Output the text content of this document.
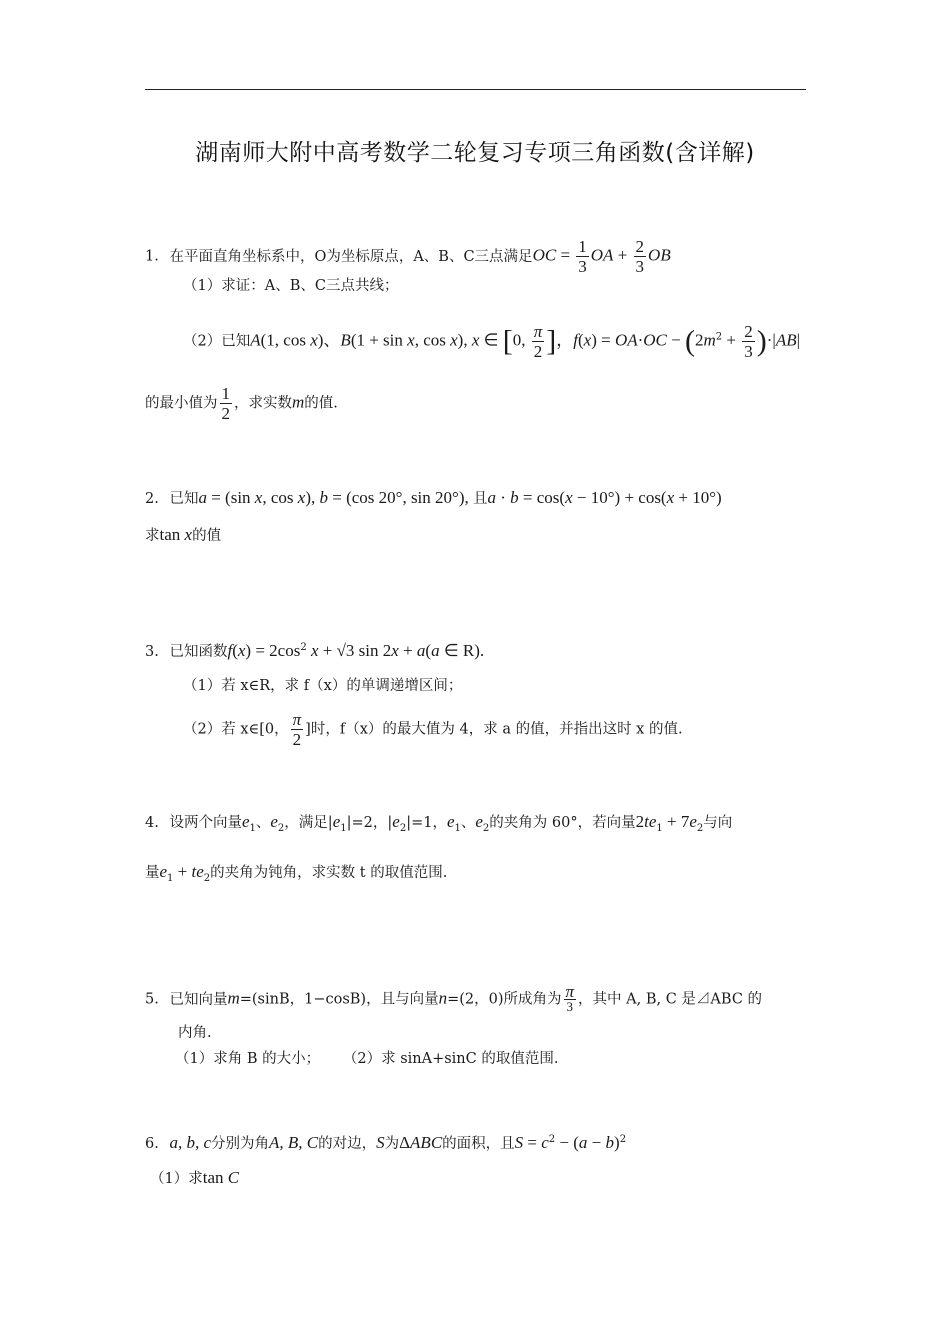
湖南师大附中高考数学二轮复习专项三角函数(含详解)
1. 在平面直角坐标系中，O为坐标原点，A、B、C三点满足OC = $\frac{1}{3}$ OA + $\frac{2}{3}$ OB
（1）求证：A、B、C三点共线；
（2）已知A(1, cos x)、B(1 + sin x, cos x), x ∈ [0, $\frac{\pi}{2}$ ]，$f(x) = OA\cdot OC - (2m^2 + \frac{2}{3} )\cdot|AB|$
的最小值为 $\frac{1}{2}$ ，求实数m的值.
2. 已知a = (sin x, cos x), b = (cos 20°, sin 20°), 且a · b = cos(x − 10°) + cos(x + 10°)
求tan x的值
3. 已知函数$f(x) = 2\cos^2$ x + √3 sin 2x + a(a ∈ R).
（1）若 x∈R，求 f（x）的单调递增区间；
（2）若 x∈[0， $\frac{\pi}{2}$ ]时，f（x）的最大值为 4，求 a 的值，并指出这时 x 的值.
4. 设两个向量$e_1$、$e_2$，满足$|e_1|=2$，$|e_2|=1$，$e_1$、$e_2$的夹角为 60°，若向量$2te_1 + 7e_2$与向
量$e_1 + te_2$的夹角为钝角，求实数 t 的取值范围.
5. 已知向量m=(sinB，1−cosB)，且与向量n=(2，0)所成角为 $\frac{\pi}{3}$ ，其中 A, B, C 是⊿ABC 的
内角.
（1）求角 B 的大小； （2）求 sinA+sinC 的取值范围.
6. a, b, c分别为角A, B, C的对边，S为ΔABC的面积，且$S = c^2 - (a - b)^2$
（1）求tan C
